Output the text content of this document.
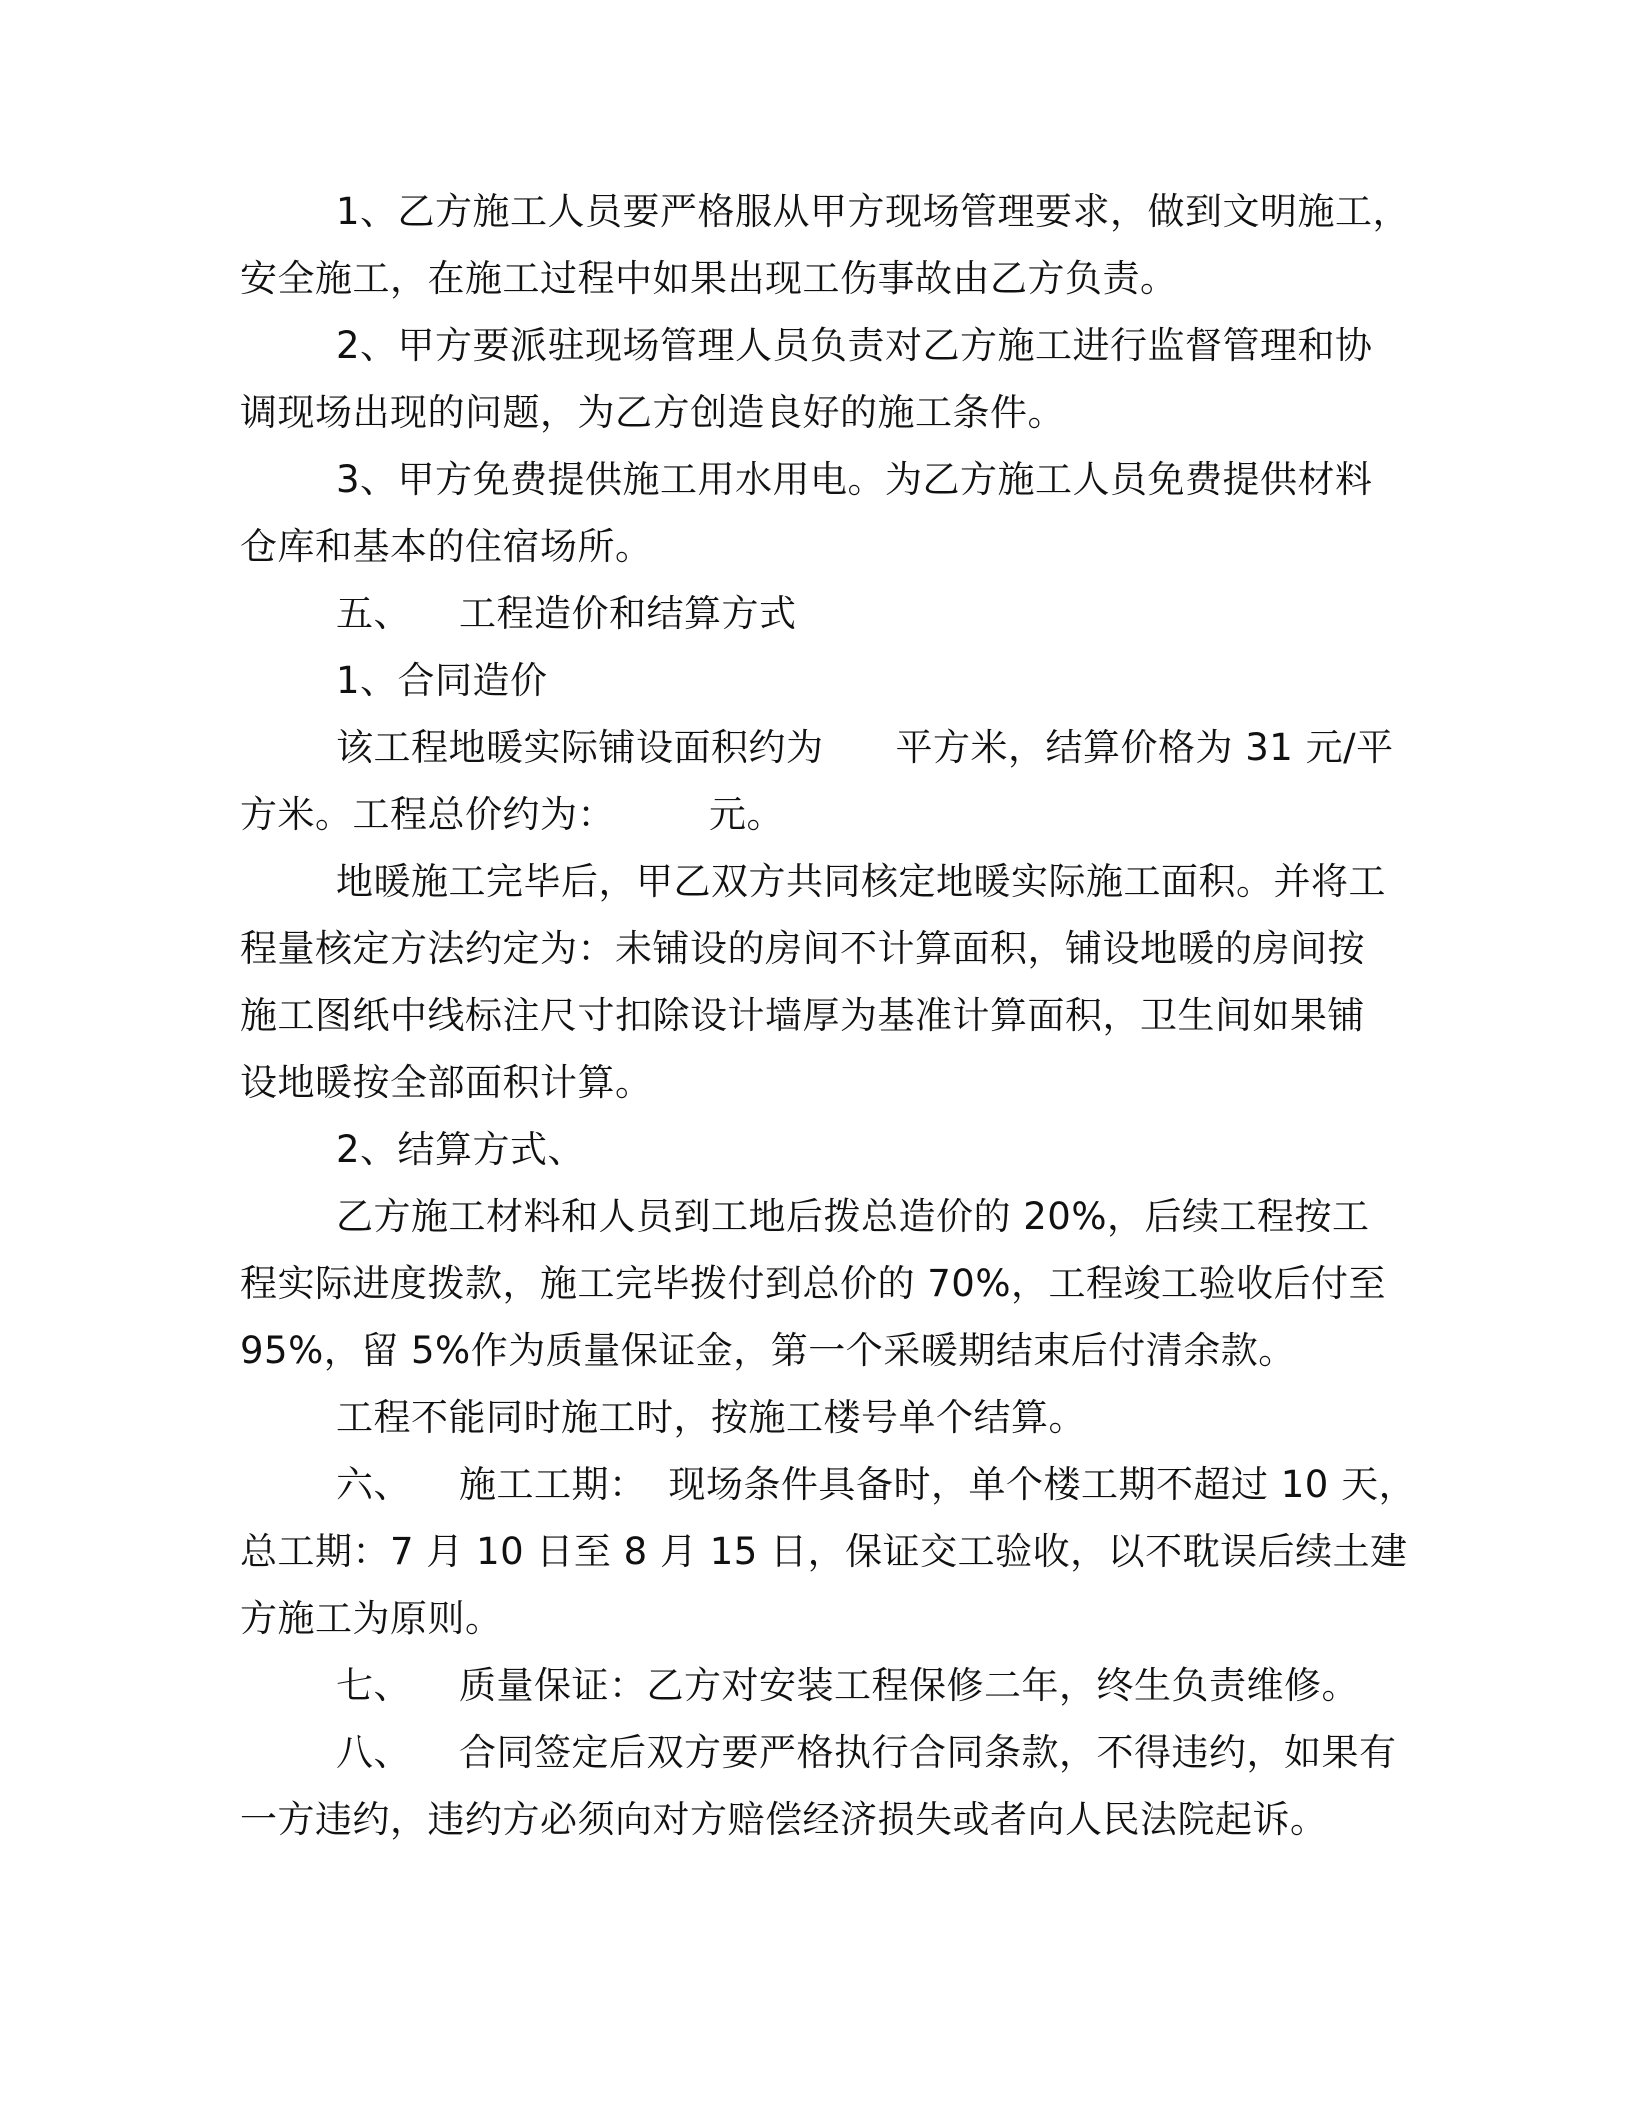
1、乙方施工人员要严格服从甲方现场管理要求，做到文明施工，
安全施工，在施工过程中如果出现工伤事故由乙方负责。
2、甲方要派驻现场管理人员负责对乙方施工进行监督管理和协
调现场出现的问题，为乙方创造良好的施工条件。
3、甲方免费提供施工用水用电。为乙方施工人员免费提供材料
仓库和基本的住宿场所。
五、 工程造价和结算方式
1、合同造价
该工程地暖实际铺设面积约为 平方米，结算价格为 31 元/平
方米。工程总价约为：	元。
地暖施工完毕后，甲乙双方共同核定地暖实际施工面积。并将工
程量核定方法约定为：未铺设的房间不计算面积，铺设地暖的房间按
施工图纸中线标注尺寸扣除设计墙厚为基准计算面积，卫生间如果铺
设地暖按全部面积计算。
2、结算方式、
乙方施工材料和人员到工地后拨总造价的 20%，后续工程按工
程实际进度拨款，施工完毕拨付到总价的 70%，工程竣工验收后付至
95%，留 5%作为质量保证金，第一个采暖期结束后付清余款。
工程不能同时施工时，按施工楼号单个结算。
六、 施工工期： 现场条件具备时，单个楼工期不超过 10 天，
总工期：7 月 10 日至 8 月 15 日，保证交工验收，以不耽误后续土建
方施工为原则。
七、 质量保证：乙方对安装工程保修二年，终生负责维修。
八、 合同签定后双方要严格执行合同条款，不得违约，如果有
一方违约，违约方必须向对方赔偿经济损失或者向人民法院起诉。
